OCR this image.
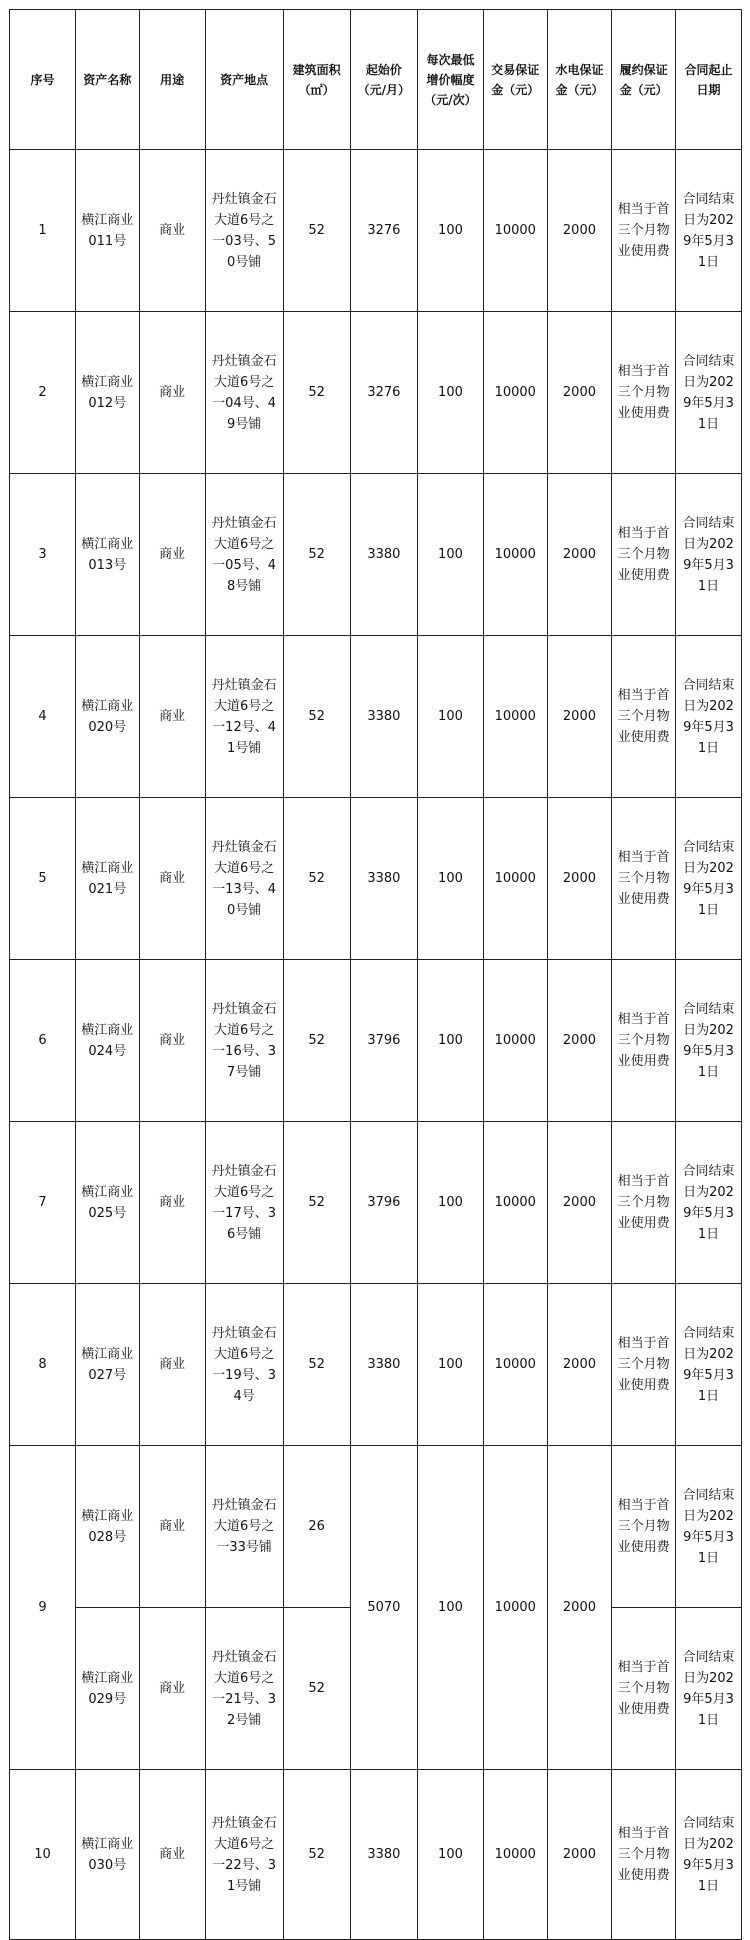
序号	资产名称	用途	资产地点	建筑面积（㎡）	起始价（元/月）	每次最低增价幅度（元/次）	交易保证金（元）	水电保证金（元）	履约保证金（元）	合同起止日期
1	横江商业011号	商业	丹灶镇金石大道6号之一03号、50号铺	52	3276	100	10000	2000	相当于首三个月物业使用费	合同结束日为2029年5月31日
2	横江商业012号	商业	丹灶镇金石大道6号之一04号、49号铺	52	3276	100	10000	2000	相当于首三个月物业使用费	合同结束日为2029年5月31日
3	横江商业013号	商业	丹灶镇金石大道6号之一05号、48号铺	52	3380	100	10000	2000	相当于首三个月物业使用费	合同结束日为2029年5月31日
4	横江商业020号	商业	丹灶镇金石大道6号之一12号、41号铺	52	3380	100	10000	2000	相当于首三个月物业使用费	合同结束日为2029年5月31日
5	横江商业021号	商业	丹灶镇金石大道6号之一13号、40号铺	52	3380	100	10000	2000	相当于首三个月物业使用费	合同结束日为2029年5月31日
6	横江商业024号	商业	丹灶镇金石大道6号之一16号、37号铺	52	3796	100	10000	2000	相当于首三个月物业使用费	合同结束日为2029年5月31日
7	横江商业025号	商业	丹灶镇金石大道6号之一17号、36号铺	52	3796	100	10000	2000	相当于首三个月物业使用费	合同结束日为2029年5月31日
8	横江商业027号	商业	丹灶镇金石大道6号之一19号、34号	52	3380	100	10000	2000	相当于首三个月物业使用费	合同结束日为2029年5月31日
9	横江商业028号	商业	丹灶镇金石大道6号之一33号铺	26	5070	100	10000	2000	相当于首三个月物业使用费	合同结束日为2029年5月31日
	横江商业029号	商业	丹灶镇金石大道6号之一21号、32号铺	52					相当于首三个月物业使用费	合同结束日为2029年5月31日
10	横江商业030号	商业	丹灶镇金石大道6号之一22号、31号铺	52	3380	100	10000	2000	相当于首三个月物业使用费	合同结束日为2029年5月31日
